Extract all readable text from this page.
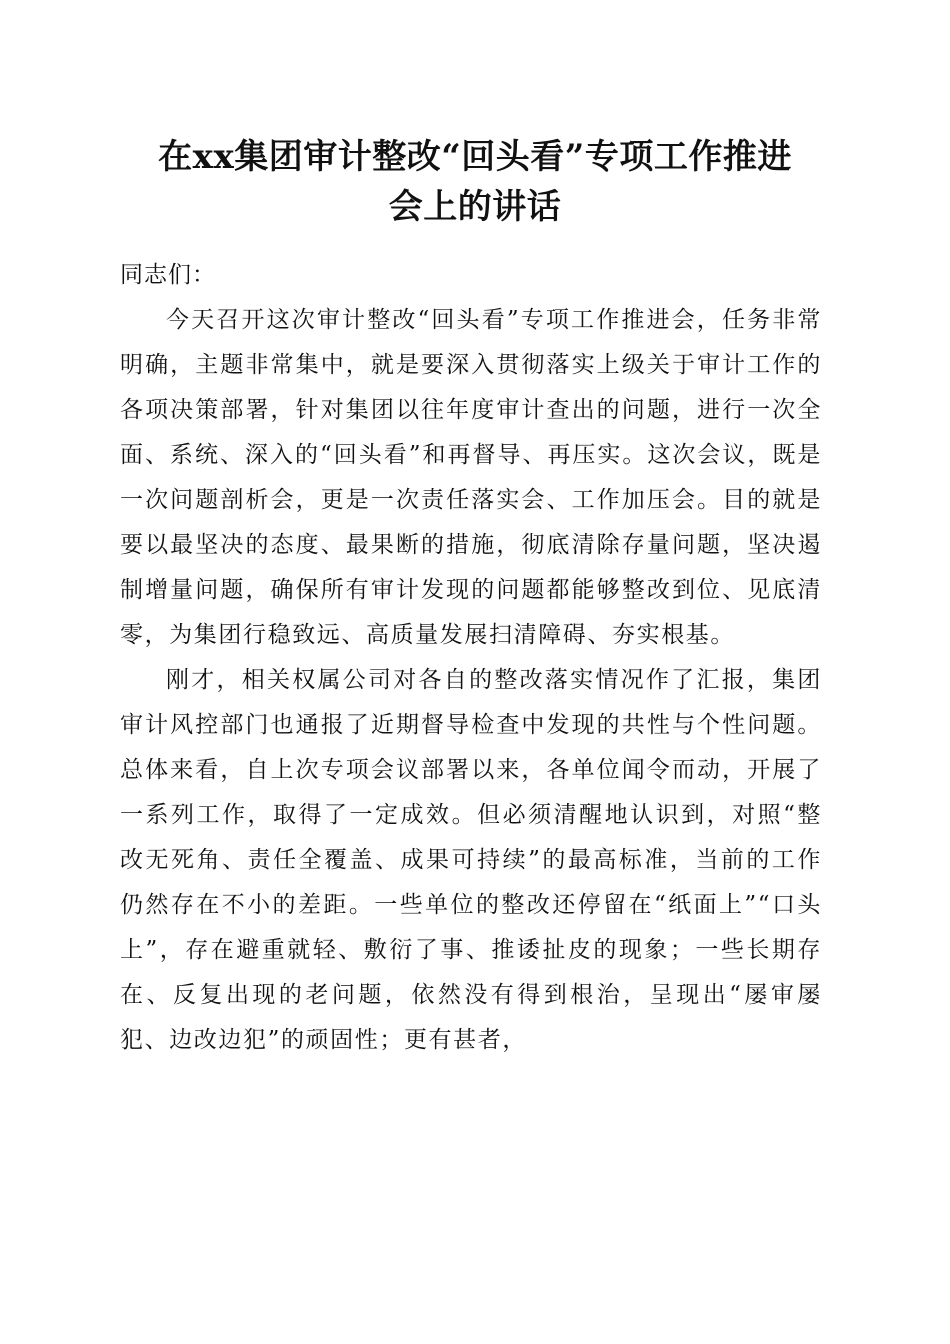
在xx集团审计整改“回头看”专项工作推进
会上的讲话

同志们：

今天召开这次审计整改“回头看”专项工作推进会，任务非常明确，主题非常集中，就是要深入贯彻落实上级关于审计工作的各项决策部署，针对集团以往年度审计查出的问题，进行一次全面、系统、深入的“回头看”和再督导、再压实。这次会议，既是一次问题剖析会，更是一次责任落实会、工作加压会。目的就是要以最坚决的态度、最果断的措施，彻底清除存量问题，坚决遏制增量问题，确保所有审计发现的问题都能够整改到位、见底清零，为集团行稳致远、高质量发展扫清障碍、夯实根基。

刚才，相关权属公司对各自的整改落实情况作了汇报，集团审计风控部门也通报了近期督导检查中发现的共性与个性问题。总体来看，自上次专项会议部署以来，各单位闻令而动，开展了一系列工作，取得了一定成效。但必须清醒地认识到，对照“整改无死角、责任全覆盖、成果可持续”的最高标准，当前的工作仍然存在不小的差距。一些单位的整改还停留在“纸面上”“口头上”，存在避重就轻、敷衍了事、推诿扯皮的现象；一些长期存在、反复出现的老问题，依然没有得到根治，呈现出“屡审屡犯、边改边犯”的顽固性；更有甚者，
